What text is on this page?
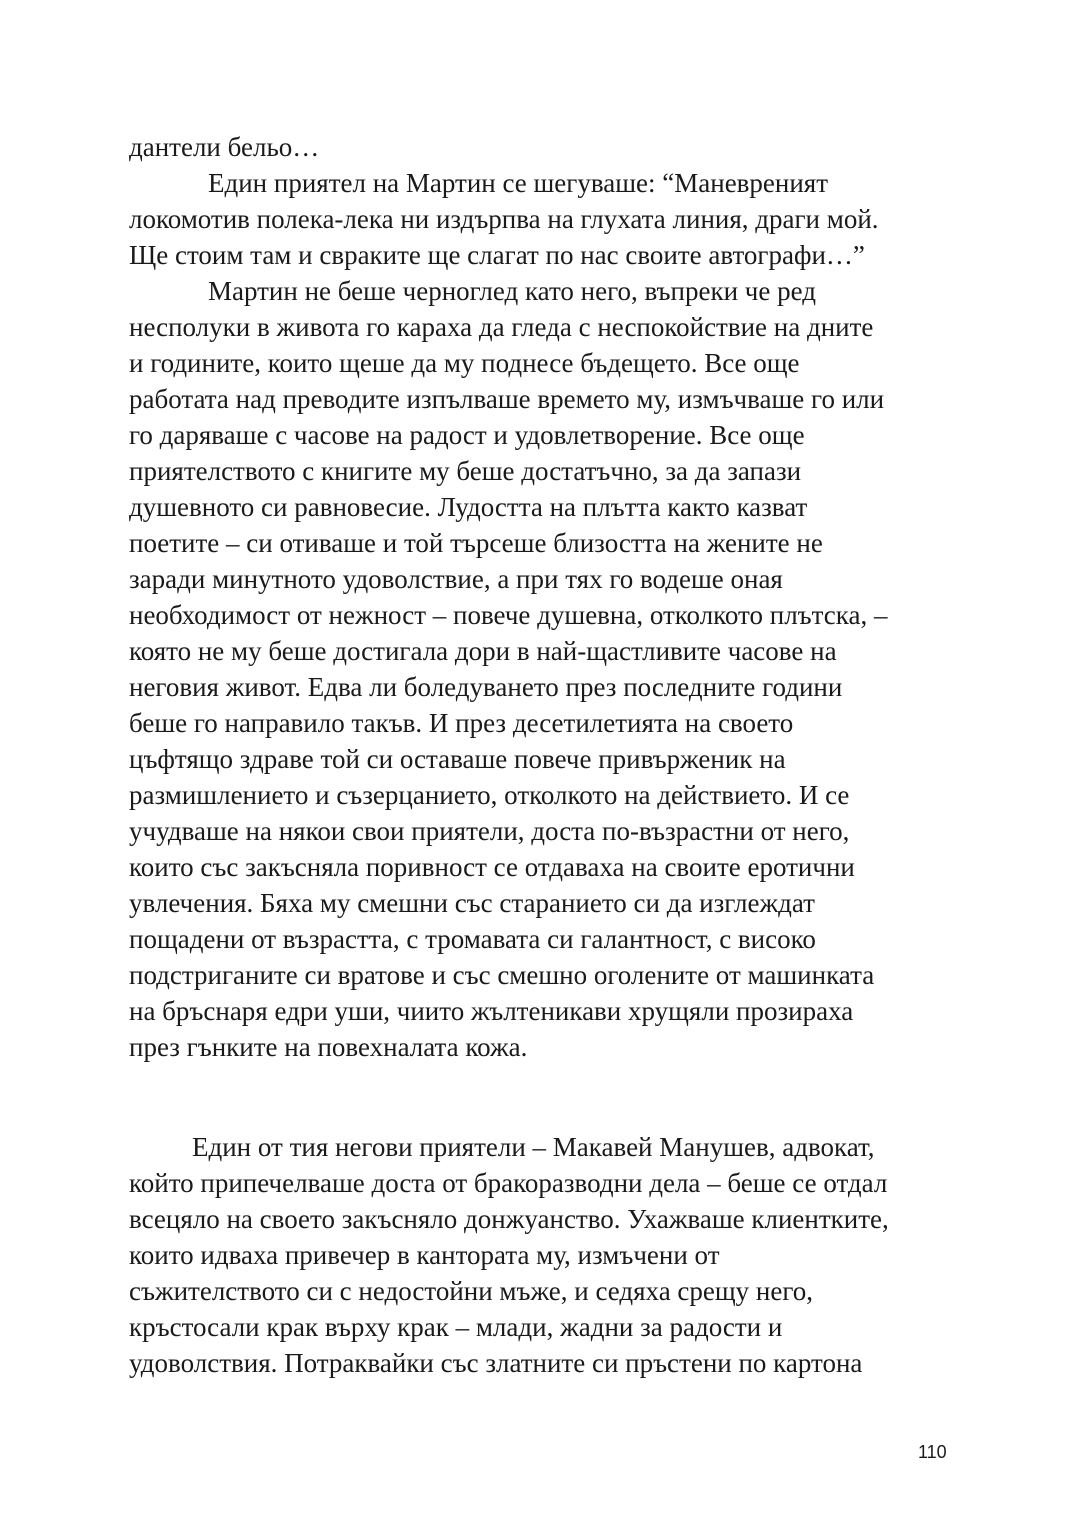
дантели бельо…

Един приятел на Мартин се шегуваше: “Маневреният

локомотив полека-лека ни издърпва на глухата линия, драги мой.

Ще стоим там и свраките ще слагат по нас своите автографи…”

Мартин не беше черноглед като него, въпреки че ред

несполуки в живота го караха да гледа с неспокойствие на дните

и годините, които щеше да му поднесе бъдещето. Все още

работата над преводите изпълваше времето му, измъчваше го или

го даряваше с часове на радост и удовлетворение. Все още

приятелството с книгите му беше достатъчно, за да запази

душевното си равновесие. Лудостта на плътта както казват

поетите – си отиваше и той търсеше близостта на жените не

заради минутното удоволствие, а при тях го водеше оная

необходимост от нежност – повече душевна, отколкото плътска, –

която не му беше достигала дори в най-щастливите часове на

неговия живот. Едва ли боледуването през последните години

беше го направило такъв. И през десетилетията на своето

цъфтящо здраве той си оставаше повече привърженик на

размишлението и съзерцанието, отколкото на действието. И се

учудваше на някои свои приятели, доста по-възрастни от него,

които със закъсняла поривност се отдаваха на своите еротични

увлечения. Бяха му смешни със старанието си да изглеждат

пощадени от възрастта, с тромавата си галантност, с високо

подстриганите си вратове и със смешно оголените от машинката

на бръснаря едри уши, чиито жълтеникави хрущяли прозираха

през гънките на повехналата кожа.

Един от тия негови приятели – Макавей Манушев, адвокат,

който припечелваше доста от бракоразводни дела – беше се отдал

всецяло на своето закъсняло донжуанство. Ухажваше клиентките,

които идваха привечер в кантората му, измъчени от

съжителството си с недостойни мъже, и седяха срещу него,

кръстосали крак върху крак – млади, жадни за радости и

удоволствия. Потраквайки със златните си пръстени по картона

110
